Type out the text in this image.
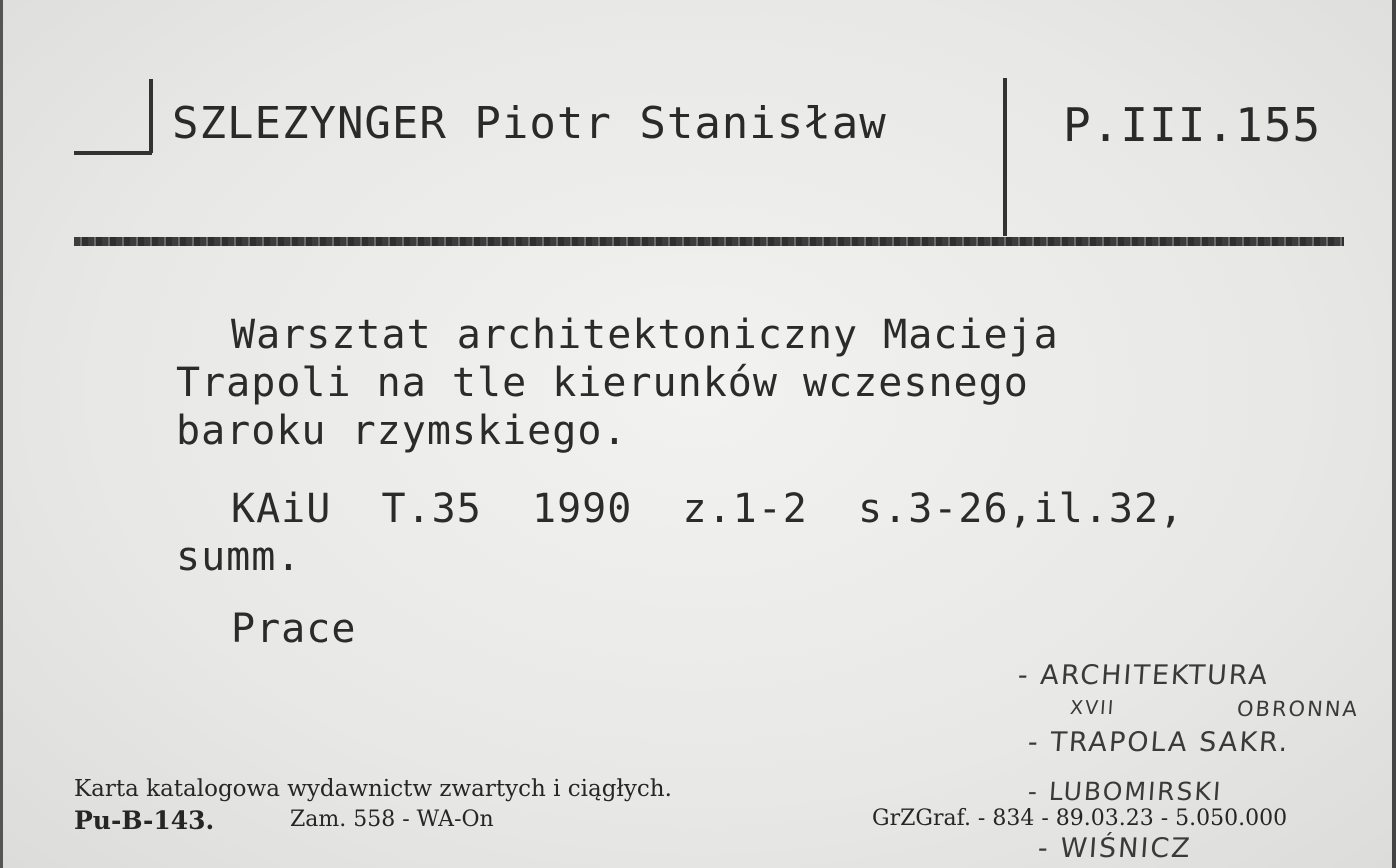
SZLEZYNGER Piotr Stanisław	P.III.155
Warsztat architektoniczny Macieja
Trapoli na tle kierunków wczesnego
baroku rzymskiego.
KAiU  T.35  1990  z.1-2  s.3-26,il.32,
summ.
Prace
- ARCHITEKTURA
XVII	OBRONNA
- TRAPOLA SAKR.
- LUBOMIRSKI
- WIŚNICZ
Karta katalogowa wydawnictw zwartych i ciągłych.
Pu-B-143.	Zam. 558 - WA-On	GrZGraf. - 834 - 89.03.23 - 5.050.000
